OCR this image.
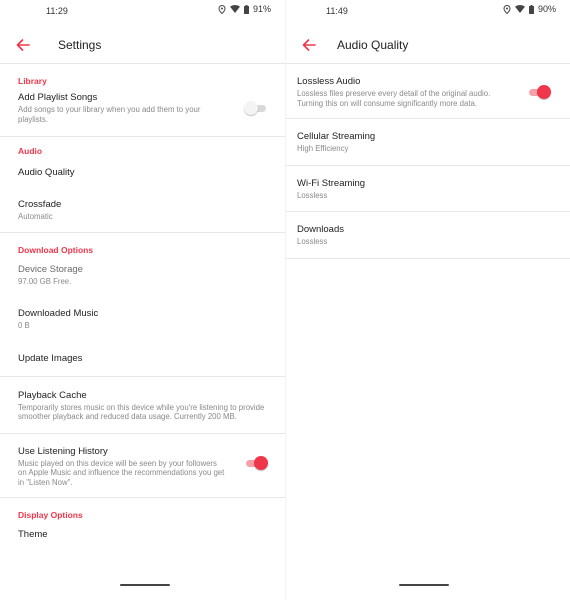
11:29	91%
Settings
Library
Add Playlist Songs
Add songs to your library when you add them to your playlists.
Audio
Audio Quality
Crossfade
Automatic
Download Options
Device Storage
97.00 GB Free.
Downloaded Music
0 B
Update Images
Playback Cache
Temporarily stores music on this device while you're listening to provide smoother playback and reduced data usage. Currently 200 MB.
Use Listening History
Music played on this device will be seen by your followers on Apple Music and influence the recommendations you get in "Listen Now".
Display Options
Theme
11:49	90%
Audio Quality
Lossless Audio
Lossless files preserve every detail of the original audio. Turning this on will consume significantly more data.
Cellular Streaming
High Efficiency
Wi-Fi Streaming
Lossless
Downloads
Lossless
